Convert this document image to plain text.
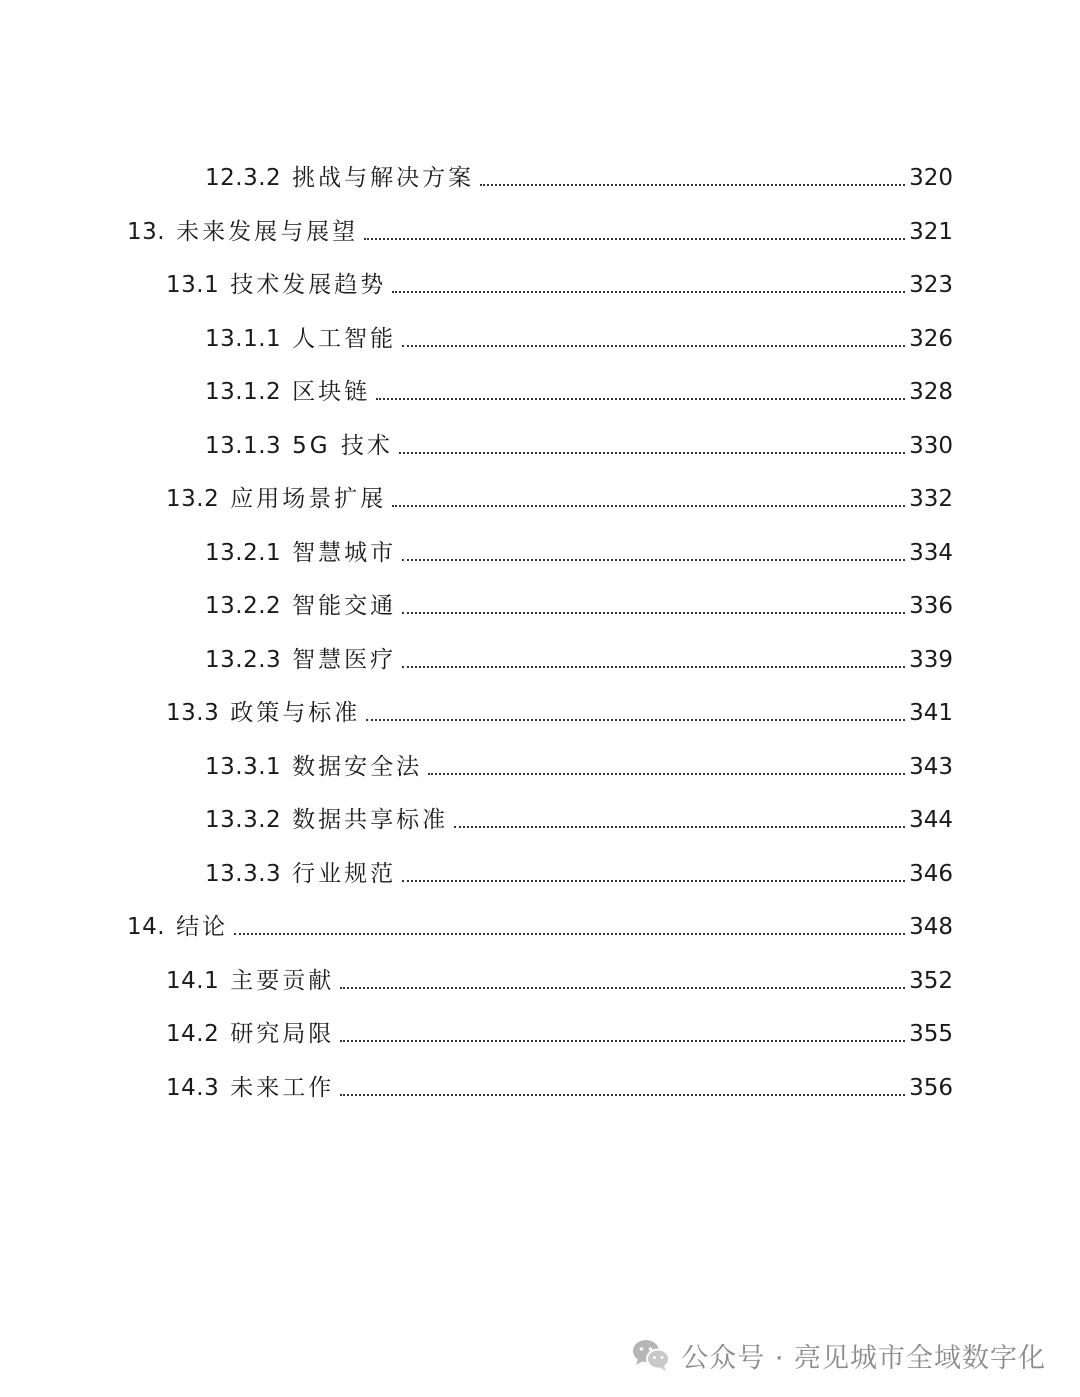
12.3.2 挑战与解决方案	320
13. 未来发展与展望	321
13.1 技术发展趋势	323
13.1.1 人工智能	326
13.1.2 区块链	328
13.1.3 5G 技术	330
13.2 应用场景扩展	332
13.2.1 智慧城市	334
13.2.2 智能交通	336
13.2.3 智慧医疗	339
13.3 政策与标准	341
13.3.1 数据安全法	343
13.3.2 数据共享标准	344
13.3.3 行业规范	346
14. 结论	348
14.1 主要贡献	352
14.2 研究局限	355
14.3 未来工作	356
公众号 · 亮见城市全域数字化
